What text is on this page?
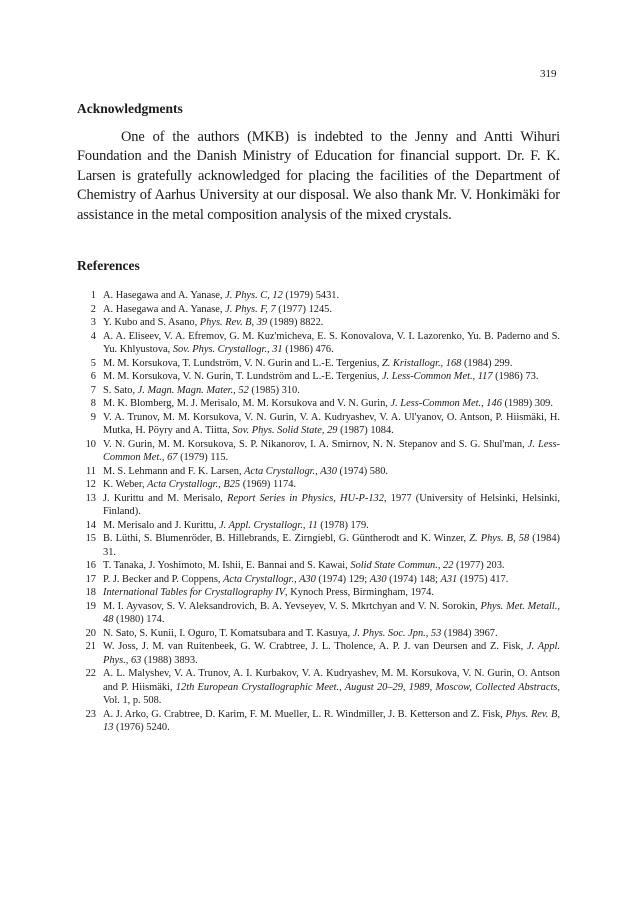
319
Acknowledgments

One of the authors (MKB) is indebted to the Jenny and Antti Wihuri Foundation and the Danish Ministry of Education for financial support. Dr. F. K. Larsen is gratefully acknowledged for placing the facilities of the Department of Chemistry of Aarhus University at our disposal. We also thank Mr. V. Honkimäki for assistance in the metal composition analysis of the mixed crystals.

References
1 A. Hasegawa and A. Yanase, J. Phys. C, 12 (1979) 5431.
2 A. Hasegawa and A. Yanase, J. Phys. F, 7 (1977) 1245.
3 Y. Kubo and S. Asano, Phys. Rev. B, 39 (1989) 8822.
4 A. A. Eliseev, V. A. Efremov, G. M. Kuz'micheva, E. S. Konovalova, V. I. Lazorenko, Yu. B. Paderno and S. Yu. Khlyustova, Sov. Phys. Crystallogr., 31 (1986) 476.
5 M. M. Korsukova, T. Lundström, V. N. Gurin and L.-E. Tergenius, Z. Kristallogr., 168 (1984) 299.
6 M. M. Korsukova, V. N. Gurin, T. Lundström and L.-E. Tergenius, J. Less-Common Met., 117 (1986) 73.
7 S. Sato, J. Magn. Magn. Mater., 52 (1985) 310.
8 M. K. Blomberg, M. J. Merisalo, M. M. Korsukova and V. N. Gurin, J. Less-Common Met., 146 (1989) 309.
9 V. A. Trunov, M. M. Korsukova, V. N. Gurin, V. A. Kudryashev, V. A. Ul'yanov, O. Antson, P. Hiismäki, H. Mutka, H. Pöyry and A. Tiitta, Sov. Phys. Solid State, 29 (1987) 1084.
10 V. N. Gurin, M. M. Korsukova, S. P. Nikanorov, I. A. Smirnov, N. N. Stepanov and S. G. Shul'man, J. Less-Common Met., 67 (1979) 115.
11 M. S. Lehmann and F. K. Larsen, Acta Crystallogr., A30 (1974) 580.
12 K. Weber, Acta Crystallogr., B25 (1969) 1174.
13 J. Kurittu and M. Merisalo, Report Series in Physics, HU-P-132, 1977 (University of Helsinki, Helsinki, Finland).
14 M. Merisalo and J. Kurittu, J. Appl. Crystallogr., 11 (1978) 179.
15 B. Lüthi, S. Blumenröder, B. Hillebrands, E. Zirngiebl, G. Güntherodt and K. Winzer, Z. Phys. B, 58 (1984) 31.
16 T. Tanaka, J. Yoshimoto, M. Ishii, E. Bannai and S. Kawai, Solid State Commun., 22 (1977) 203.
17 P. J. Becker and P. Coppens, Acta Crystallogr., A30 (1974) 129; A30 (1974) 148; A31 (1975) 417.
18 International Tables for Crystallography IV, Kynoch Press, Birmingham, 1974.
19 M. I. Ayvasov, S. V. Aleksandrovich, B. A. Yevseyev, V. S. Mkrtchyan and V. N. Sorokin, Phys. Met. Metall., 48 (1980) 174.
20 N. Sato, S. Kunii, I. Oguro, T. Komatsubara and T. Kasuya, J. Phys. Soc. Jpn., 53 (1984) 3967.
21 W. Joss, J. M. van Ruitenbeek, G. W. Crabtree, J. L. Tholence, A. P. J. van Deursen and Z. Fisk, J. Appl. Phys., 63 (1988) 3893.
22 A. L. Malyshev, V. A. Trunov, A. I. Kurbakov, V. A. Kudryashev, M. M. Korsukova, V. N. Gurin, O. Antson and P. Hiismäki, 12th European Crystallographic Meet., August 20–29, 1989, Moscow, Collected Abstracts, Vol. 1, p. 508.
23 A. J. Arko, G. Crabtree, D. Karim, F. M. Mueller, L. R. Windmiller, J. B. Ketterson and Z. Fisk, Phys. Rev. B, 13 (1976) 5240.
